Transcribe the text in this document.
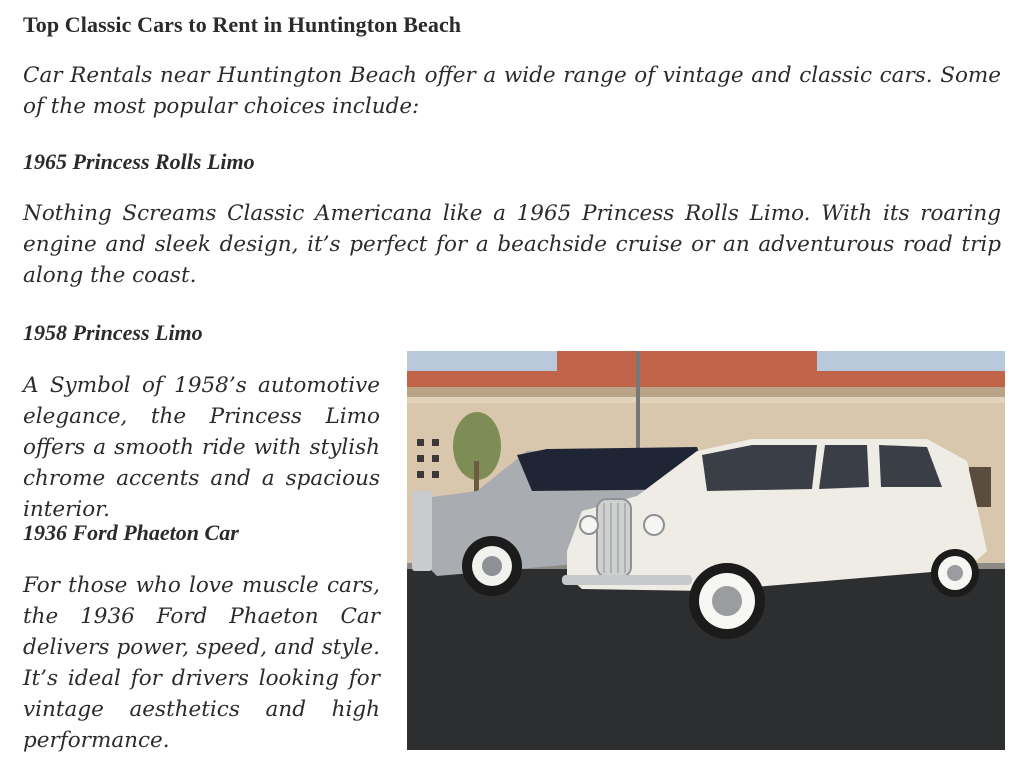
Top Classic Cars to Rent in Huntington Beach

Car Rentals near Huntington Beach offer a wide range of vintage and classic cars. Some of the most popular choices include:

1965 Princess Rolls Limo

Nothing Screams Classic Americana like a 1965 Princess Rolls Limo. With its roaring engine and sleek design, it’s perfect for a beachside cruise or an adventurous road trip along the coast.

1958 Princess Limo

A Symbol of 1958’s automotive elegance, the Princess Limo offers a smooth ride with stylish chrome accents and a spacious interior.

1936 Ford Phaeton Car

For those who love muscle cars, the 1936 Ford Phaeton Car delivers power, speed, and style. It’s ideal for drivers looking for vintage aesthetics and high performance.
